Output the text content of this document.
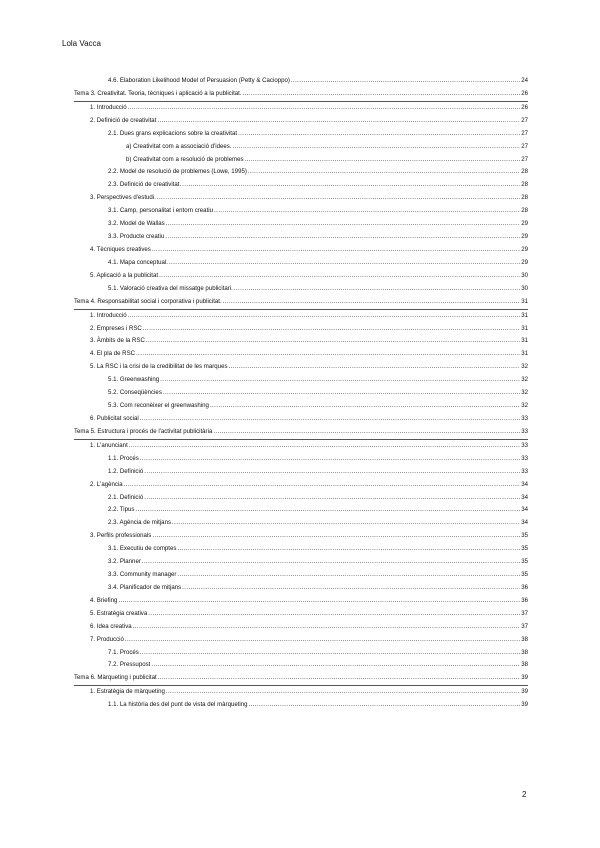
Lola Vacca
4.6. Elaboration Likelihood Model of Persuasion (Petty & Cacioppo) .....	24
Tema 3. Creativitat. Teoria, tècniques i aplicació a la publicitat. .....	26
1. Introducció .....	26
2. Definició de creativitat .....	27
2.1. Dues grans explicacions sobre la creativitat .....	27
a) Creativitat com a associació d'idees. .....	27
b) Creativitat com a resolució de problemes .....	27
2.2. Model de resolució de problemes (Lowe, 1995) .....	28
2.3. Definició de creativitat. .....	28
3. Perspectives d'estudi. .....	28
3.1. Camp, personalitat i entorn creatiu .....	28
3.2. Model de Wallas .....	29
3.3. Producte creatiu .....	29
4. Tècniques creatives .....	29
4.1. Mapa conceptual. .....	29
5. Aplicació a la publicitat .....	30
5.1. Valoració creativa del missatge publicitari. .....	30
Tema 4. Responsabilitat social i corporativa i publicitat. .....	31
1. Introducció .....	31
2. Empreses i RSC .....	31
3. Àmbits de la RSC .....	31
4. El pla de RSC .....	31
5. La RSC i la crisi de la credibilitat de les marques .....	32
5.1. Greenwashing .....	32
5.2. Conseqüències .....	32
5.3. Com reconèixer el greenwashing .....	32
6. Publicitat social .....	33
Tema 5. Estructura i procés de l'activitat publicitària .....	33
1. L'anunciant .....	33
1.1. Procés .....	33
1.2. Definició .....	33
2. L'agència .....	34
2.1. Definició .....	34
2.2. Tipus .....	34
2.3. Agència de mitjans .....	34
3. Perfils professionals .....	35
3.1. Executiu de comptes .....	35
3.2. Planner .....	35
3.3. Community manager .....	35
3.4. Planificador de mitjans .....	36
4. Briefing .....	36
5. Estratègia creativa .....	37
6. Idea creativa .....	37
7. Producció .....	38
7.1. Procés .....	38
7.2. Pressupost .....	38
Tema 6. Màrqueting i publicitat .....	39
1. Estratègia de màrqueting .....	39
1.1. La història des del punt de vista del màrqueting .....	39
2
